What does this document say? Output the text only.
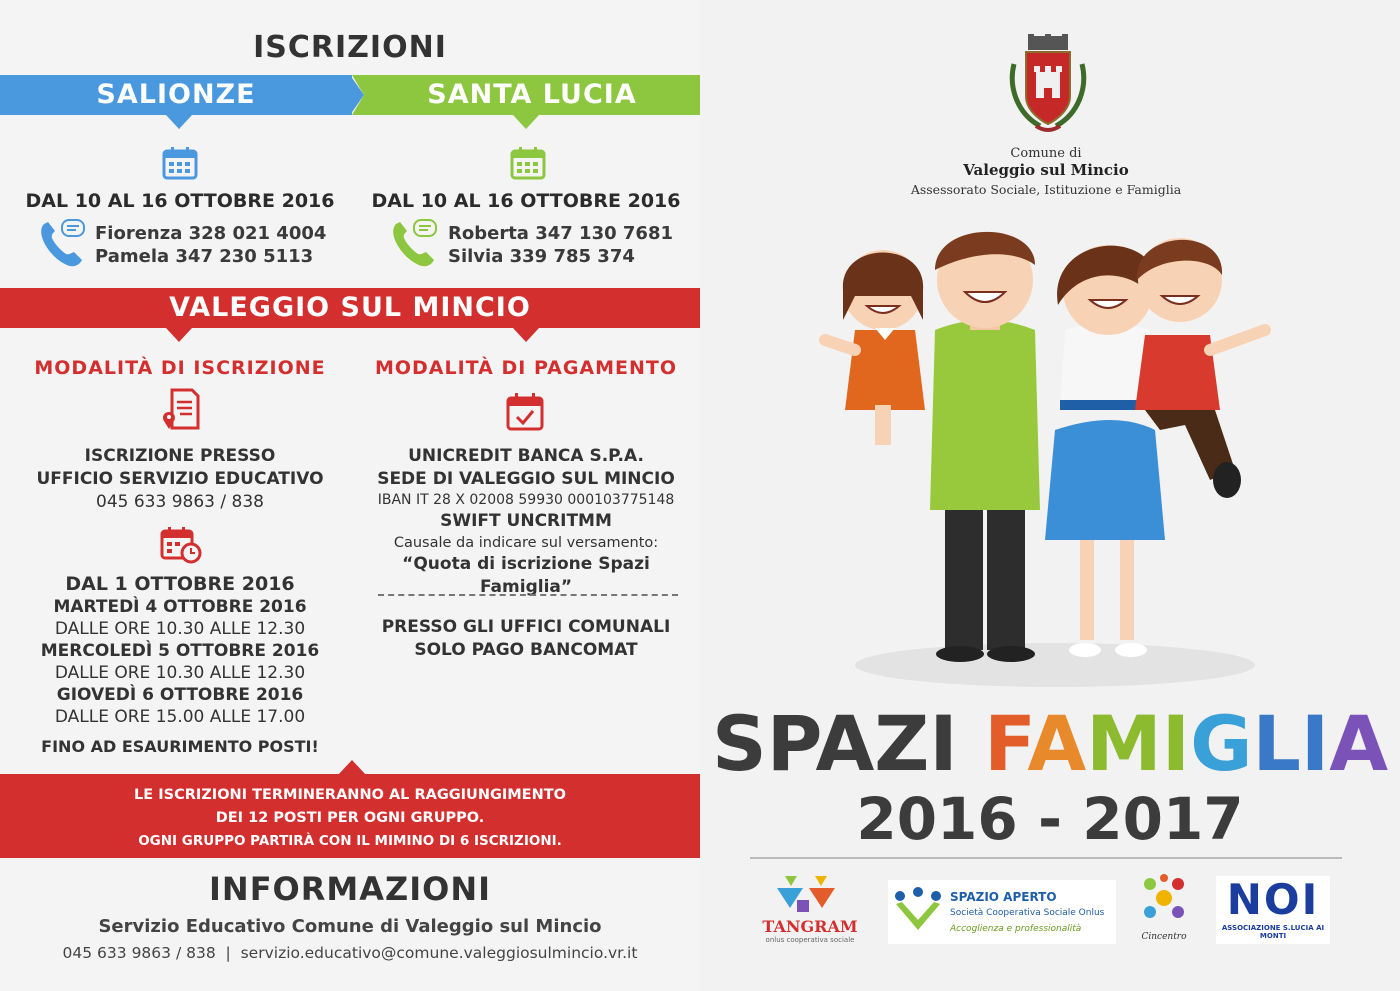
ISCRIZIONI
SALIONZE	SANTA LUCIA
DAL 10 AL 16 OTTOBRE 2016	DAL 10 AL 16 OTTOBRE 2016
Fiorenza 328 021 4004
Pamela 347 230 5113
Roberta 347 130 7681
Silvia 339 785 374
VALEGGIO SUL MINCIO
MODALITÀ DI ISCRIZIONE	MODALITÀ DI PAGAMENTO
ISCRIZIONE PRESSO
UFFICIO SERVIZIO EDUCATIVO
045 633 9863 / 838
DAL 1 OTTOBRE 2016
MARTEDÌ 4 OTTOBRE 2016
DALLE ORE 10.30 ALLE 12.30
MERCOLEDÌ 5 OTTOBRE 2016
DALLE ORE 10.30 ALLE 12.30
GIOVEDÌ 6 OTTOBRE 2016
DALLE ORE 15.00 ALLE 17.00
FINO AD ESAURIMENTO POSTI!
UNICREDIT BANCA S.P.A.
SEDE DI VALEGGIO SUL MINCIO
IBAN IT 28 X 02008 59930 000103775148
SWIFT UNCRITMM
Causale da indicare sul versamento:
“Quota di iscrizione Spazi Famiglia”
PRESSO GLI UFFICI COMUNALI
SOLO PAGO BANCOMAT
LE ISCRIZIONI TERMINERANNO AL RAGGIUNGIMENTO
DEI 12 POSTI PER OGNI GRUPPO.
OGNI GRUPPO PARTIRÀ CON IL MIMINO DI 6 ISCRIZIONI.
INFORMAZIONI
Servizio Educativo Comune di Valeggio sul Mincio
045 633 9863 / 838  |  servizio.educativo@comune.valeggiosulmincio.vr.it
Comune di
Valeggio sul Mincio
Assessorato Sociale, Istituzione e Famiglia
SPAZI FAMIGLIA
2016 - 2017
TANGRAM
onlus cooperativa sociale
SPAZIO APERTO
Società Cooperativa Sociale Onlus
Accoglienza e professionalità
Cincentro
NOI
ASSOCIAZIONE S.LUCIA AI MONTI
